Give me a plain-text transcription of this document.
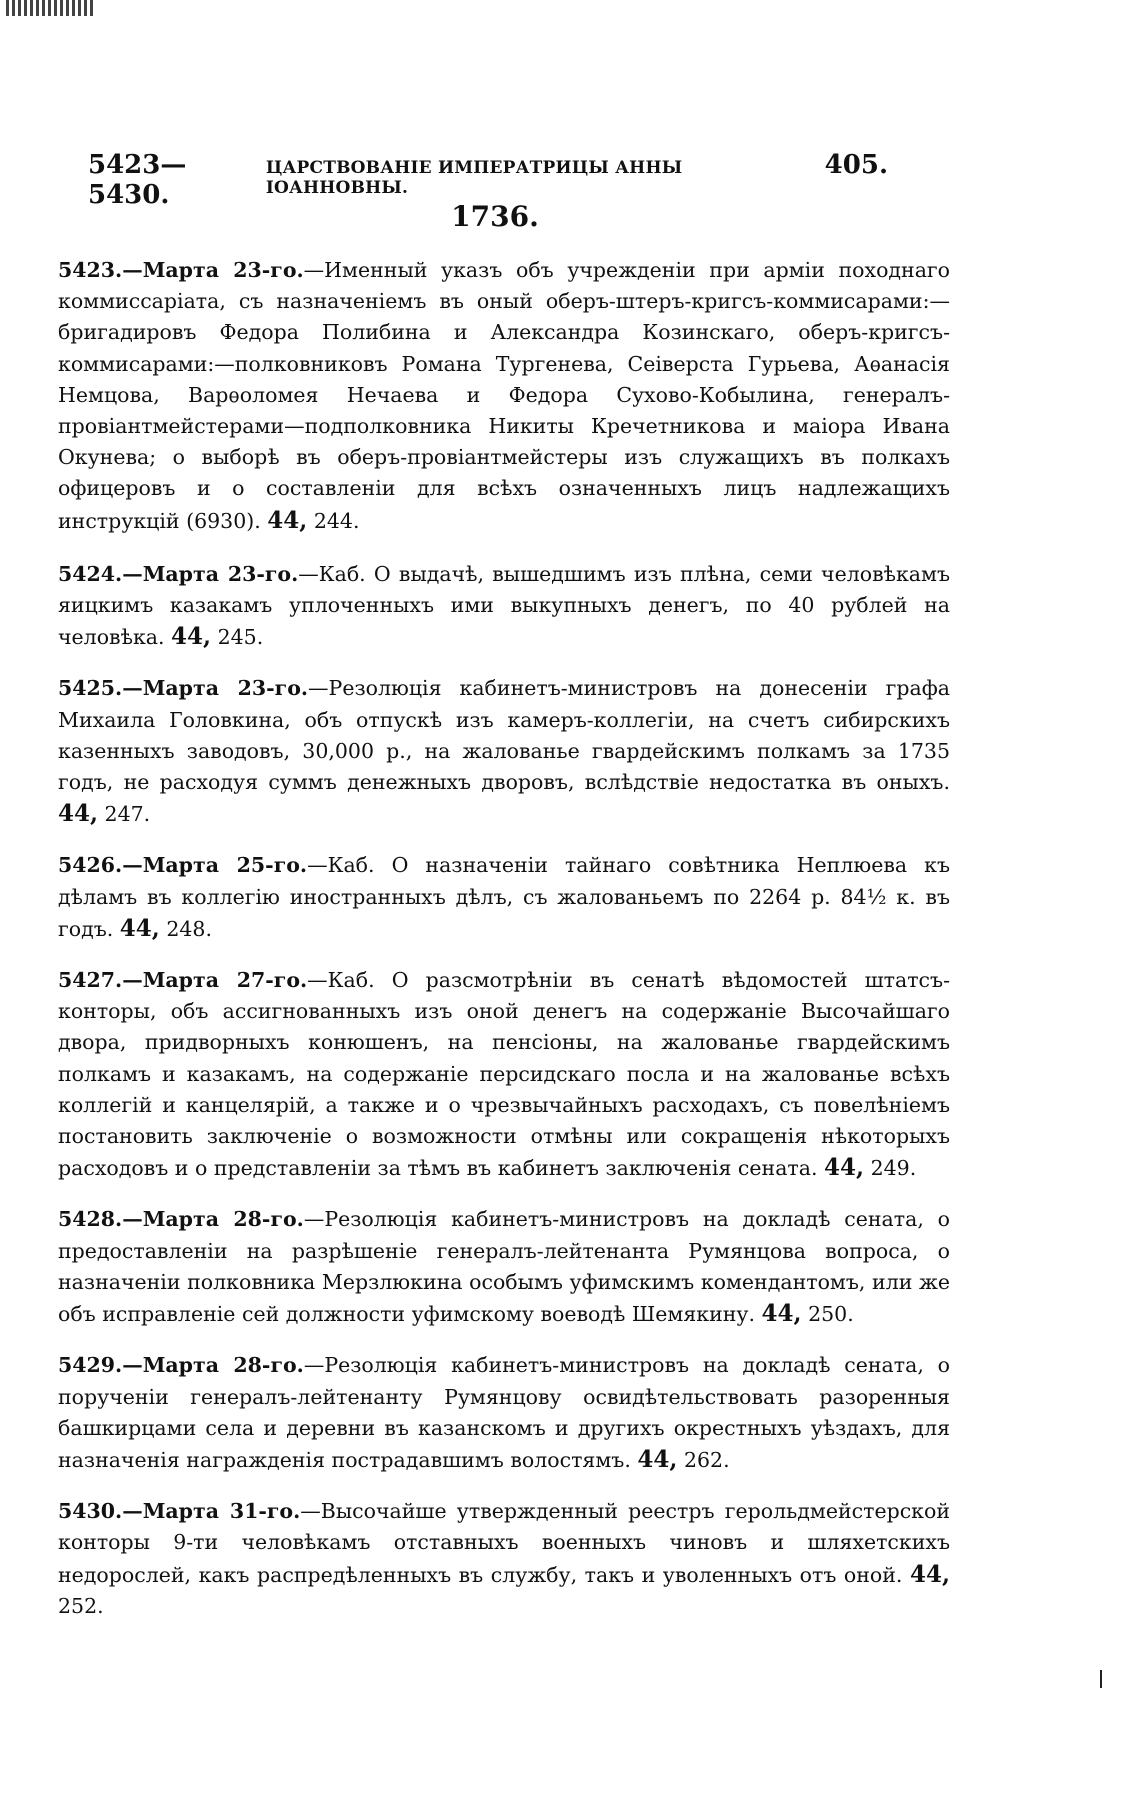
5423—5430.
ЦАРСТВОВАНІЕ ИМПЕРАТРИЦЫ АННЫ ІОАННОВНЫ.
405.
1736.

5423.—Марта 23-го.—Именный указъ объ учрежденіи при арміи походнаго коммиссаріата, съ назначеніемъ въ оный оберъ-штеръ-кригсъ-коммисарами:—бригадировъ Федора Полибина и Александра Козинскаго, оберъ-кригсъ-коммисарами:—полковниковъ Романа Тургенева, Сеіверста Гурьева, Аѳанасія Немцова, Варѳоломея Нечаева и Федора Сухово-Кобылина, генералъ-провіантмейстерами—подполковника Никиты Кречетникова и маіора Ивана Окунева; о выборѣ въ оберъ-провіантмейстеры изъ служащихъ въ полкахъ офицеровъ и о составленіи для всѣхъ означенныхъ лицъ надлежащихъ инструкцій (6930). 44, 244.

5424.—Марта 23-го.—Каб. О выдачѣ, вышедшимъ изъ плѣна, семи человѣкамъ яицкимъ казакамъ уплоченныхъ ими выкупныхъ денегъ, по 40 рублей на человѣка. 44, 245.

5425.—Марта 23-го.—Резолюція кабинетъ-министровъ на донесеніи графа Михаила Головкина, объ отпускѣ изъ камеръ-коллегіи, на счетъ сибирскихъ казенныхъ заводовъ, 30,000 р., на жалованье гвардейскимъ полкамъ за 1735 годъ, не расходуя суммъ денежныхъ дворовъ, вслѣдствіе недостатка въ оныхъ. 44, 247.

5426.—Марта 25-го.—Каб. О назначеніи тайнаго совѣтника Неплюева къ дѣламъ въ коллегію иностранныхъ дѣлъ, съ жалованьемъ по 2264 р. 84½ к. въ годъ. 44, 248.

5427.—Марта 27-го.—Каб. О разсмотрѣніи въ сенатѣ вѣдомостей штатсъ-конторы, объ ассигнованныхъ изъ оной денегъ на содержаніе Высочайшаго двора, придворныхъ конюшенъ, на пенсіоны, на жалованье гвардейскимъ полкамъ и казакамъ, на содержаніе персидскаго посла и на жалованье всѣхъ коллегій и канцелярій, а также и о чрезвычайныхъ расходахъ, съ повелѣніемъ постановить заключеніе о возможности отмѣны или сокращенія нѣкоторыхъ расходовъ и о представленіи за тѣмъ въ кабинетъ заключенія сената. 44, 249.

5428.—Марта 28-го.—Резолюція кабинетъ-министровъ на докладѣ сената, о предоставленіи на разрѣшеніе генералъ-лейтенанта Румянцова вопроса, о назначеніи полковника Мерзлюкина особымъ уфимскимъ комендантомъ, или же объ исправленіе сей должности уфимскому воеводѣ Шемякину. 44, 250.

5429.—Марта 28-го.—Резолюція кабинетъ-министровъ на докладѣ сената, о порученіи генералъ-лейтенанту Румянцову освидѣтельствовать разоренныя башкирцами села и деревни въ казанскомъ и другихъ окрестныхъ уѣздахъ, для назначенія награжденія пострадавшимъ волостямъ. 44, 262.

5430.—Марта 31-го.—Высочайше утвержденный реестръ герольдмейстерской конторы 9-ти человѣкамъ отставныхъ военныхъ чиновъ и шляхетскихъ недорослей, какъ распредѣленныхъ въ службу, такъ и уволенныхъ отъ оной. 44, 252.
